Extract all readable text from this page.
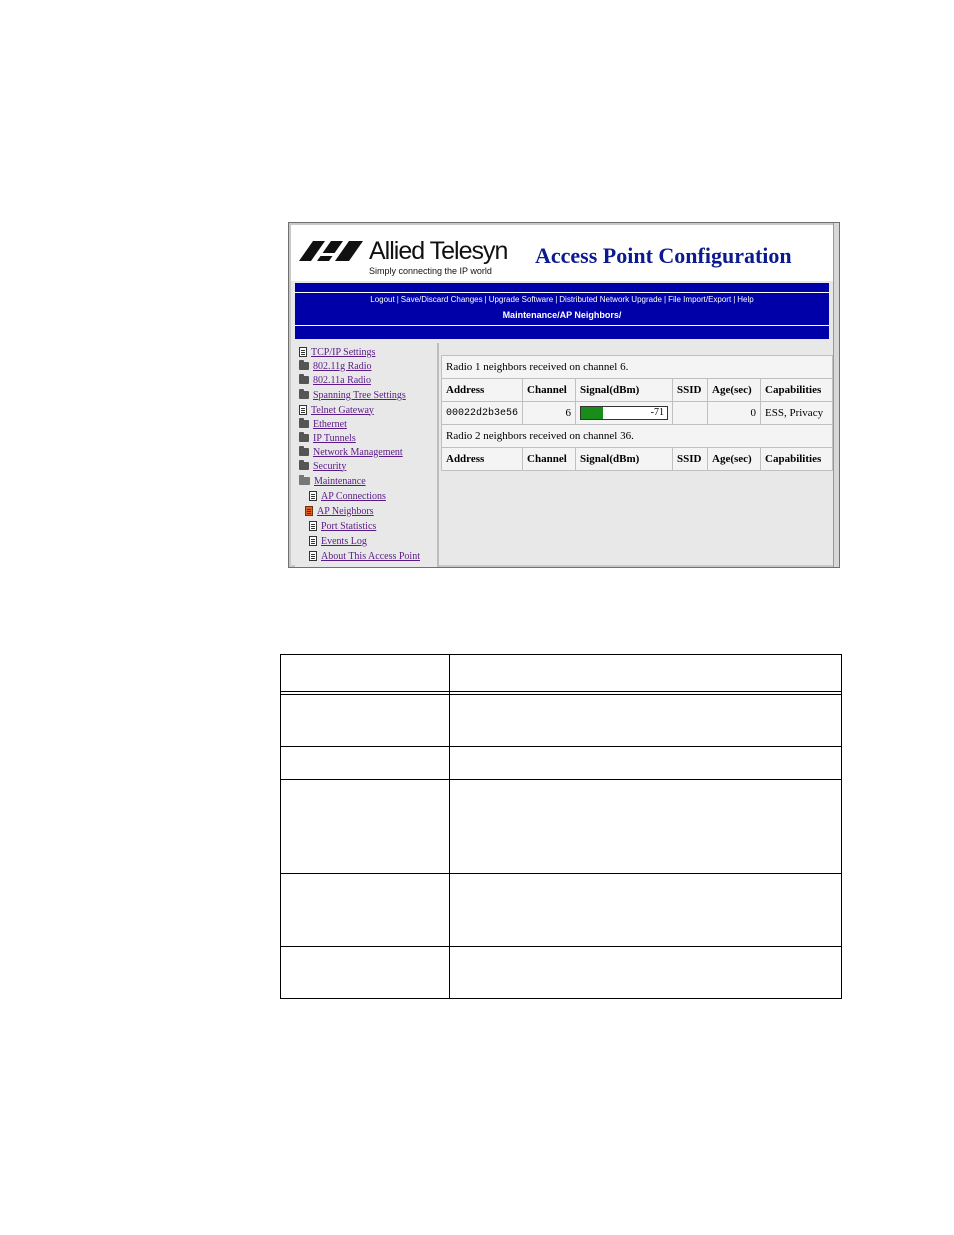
Allied Telesyn
Simply connecting the IP world
Access Point Configuration
Logout | Save/Discard Changes | Upgrade Software | Distributed Network Upgrade | File Import/Export | Help
Maintenance/AP Neighbors/
TCP/IP Settings
802.11g Radio
802.11a Radio
Spanning Tree Settings
Telnet Gateway
Ethernet
IP Tunnels
Network Management
Security
Maintenance
AP Connections
AP Neighbors
Port Statistics
Events Log
About This Access Point
Radio 1 neighbors received on channel 6.					
Address	Channel	Signal(dBm)	SSID	Age(sec)	Capabilities
00022d2b3e56	6	-71		0	ESS, Privacy
Radio 2 neighbors received on channel 36.					
Address	Channel	Signal(dBm)	SSID	Age(sec)	Capabilities
